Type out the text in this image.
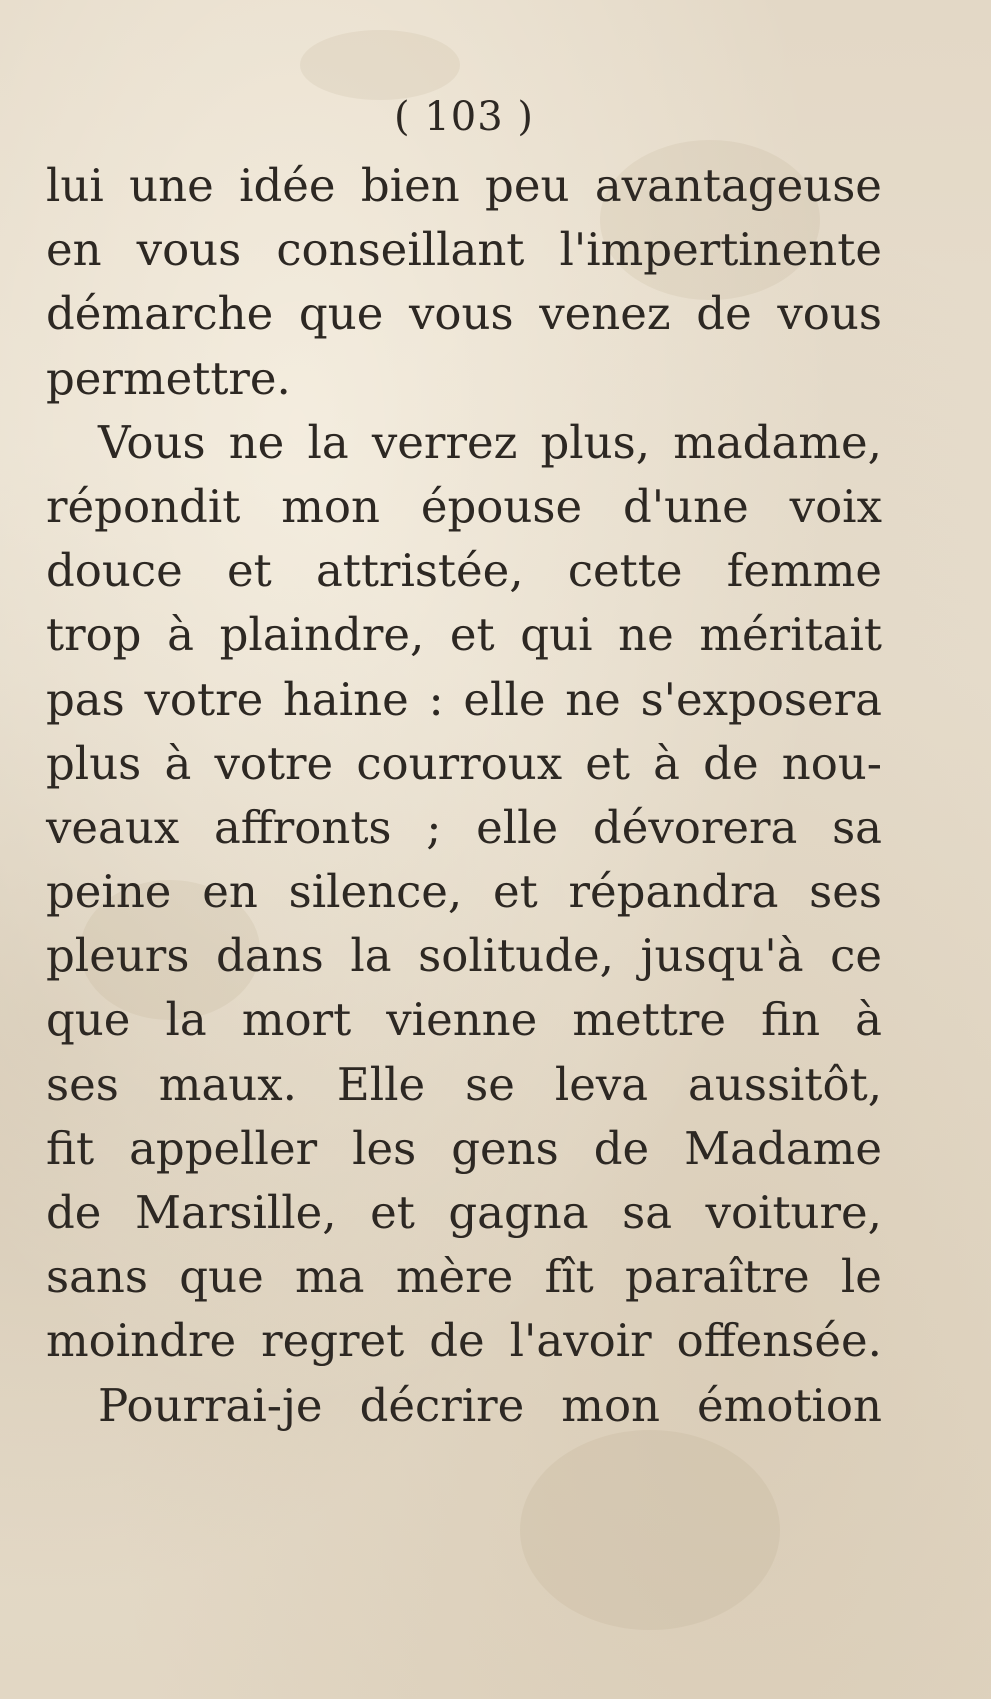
( 103 )
lui une idée bien peu avantageuse
en vous conseillant l'impertinente
démarche que vous venez de vous
permettre.
Vous ne la verrez plus, madame,
répondit mon épouse d'une voix
douce et attristée, cette femme
trop à plaindre, et qui ne méritait
pas votre haine : elle ne s'exposera
plus à votre courroux et à de nou-
veaux affronts ; elle dévorera sa
peine en silence, et répandra ses
pleurs dans la solitude, jusqu'à ce
que la mort vienne mettre fin à
ses maux. Elle se leva aussitôt,
fit appeller les gens de Madame
de Marsille, et gagna sa voiture,
sans que ma mère fît paraître le
moindre regret de l'avoir offensée.
Pourrai-je décrire mon émotion
